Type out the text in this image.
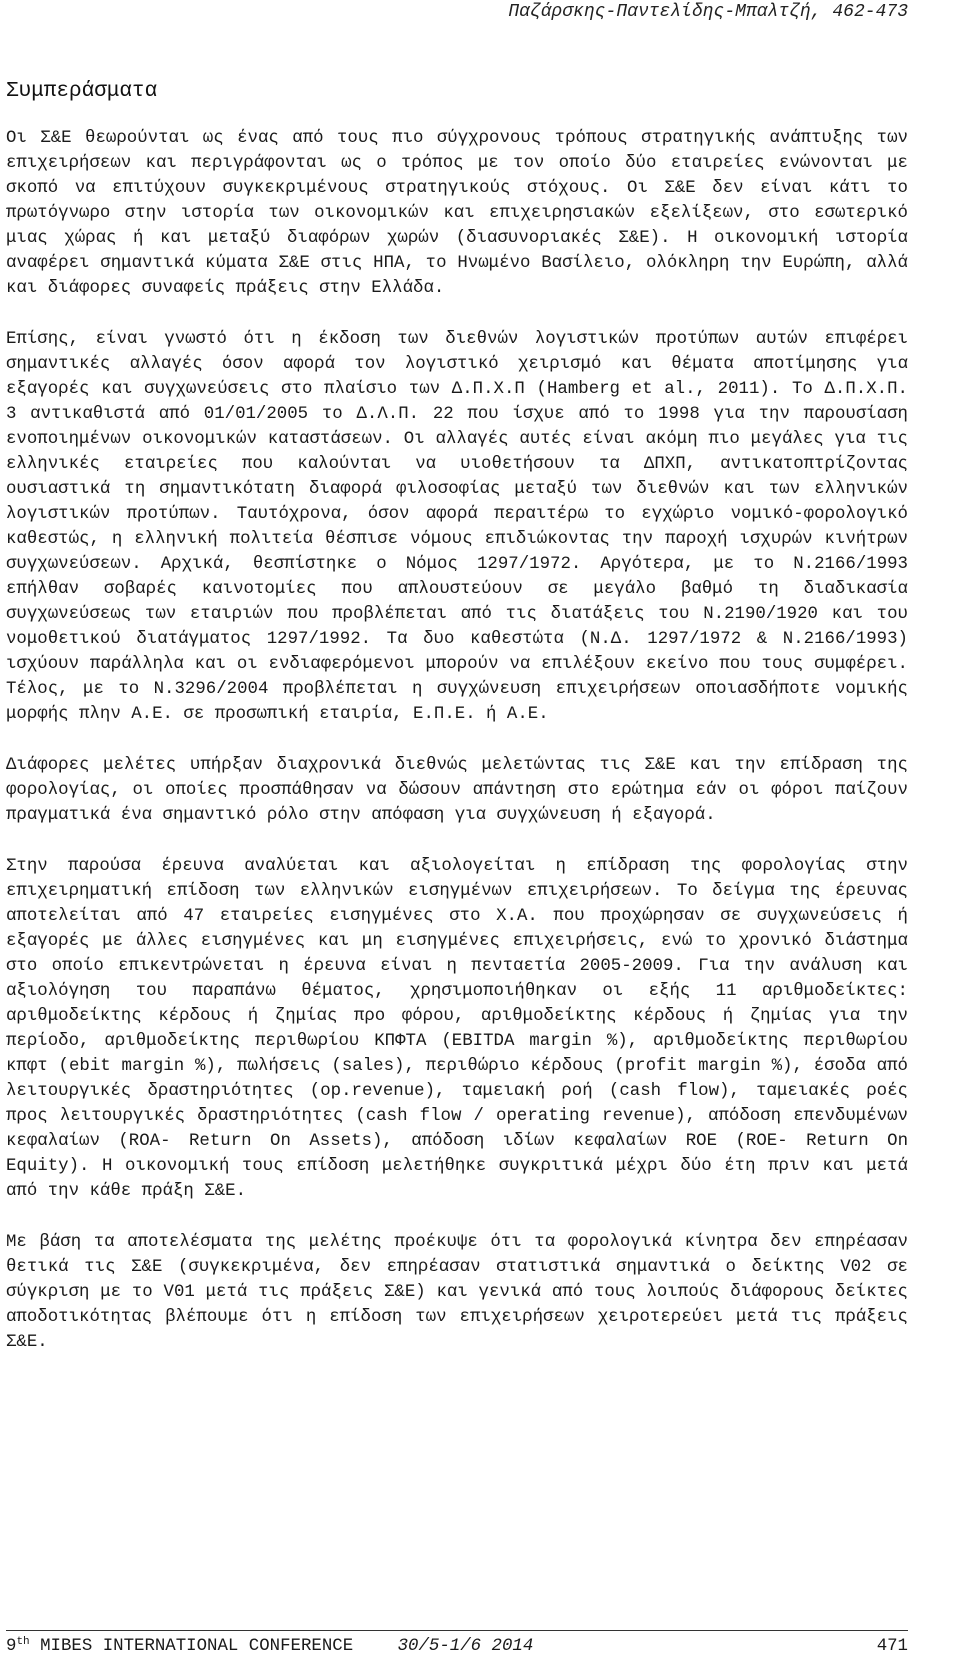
Παζάρσκης-Παντελίδης-Μπαλτζή, 462-473
Συμπεράσματα

Οι Σ&Ε θεωρούνται ως ένας από τους πιο σύγχρονους τρόπους στρατηγικής ανάπτυξης των επιχειρήσεων και περιγράφονται ως ο τρόπος με τον οποίο δύο εταιρείες ενώνονται με σκοπό να επιτύχουν συγκεκριμένους στρατηγικούς στόχους. Οι Σ&Ε δεν είναι κάτι το πρωτόγνωρο στην ιστορία των οικονομικών και επιχειρησιακών εξελίξεων, στο εσωτερικό μιας χώρας ή και μεταξύ διαφόρων χωρών (διασυνοριακές Σ&Ε). Η οικονομική ιστορία αναφέρει σημαντικά κύματα Σ&Ε στις ΗΠΑ, το Ηνωμένο Βασίλειο, ολόκληρη την Ευρώπη, αλλά και διάφορες συναφείς πράξεις στην Ελλάδα.

Επίσης, είναι γνωστό ότι η έκδοση των διεθνών λογιστικών προτύπων αυτών επιφέρει σημαντικές αλλαγές όσον αφορά τον λογιστικό χειρισμό και θέματα αποτίμησης για εξαγορές και συγχωνεύσεις στο πλαίσιο των Δ.Π.Χ.Π (Hamberg et al., 2011). Το Δ.Π.Χ.Π. 3 αντικαθιστά από 01/01/2005 το Δ.Λ.Π. 22 που ίσχυε από το 1998 για την παρουσίαση ενοποιημένων οικονομικών καταστάσεων. Οι αλλαγές αυτές είναι ακόμη πιο μεγάλες για τις ελληνικές εταιρείες που καλούνται να υιοθετήσουν τα ΔΠΧΠ, αντικατοπτρίζοντας ουσιαστικά τη σημαντικότατη διαφορά φιλοσοφίας μεταξύ των διεθνών και των ελληνικών λογιστικών προτύπων. Ταυτόχρονα, όσον αφορά περαιτέρω το εγχώριο νομικό-φορολογικό καθεστώς, η ελληνική πολιτεία θέσπισε νόμους επιδιώκοντας την παροχή ισχυρών κινήτρων συγχωνεύσεων. Αρχικά, θεσπίστηκε ο Νόμος 1297/1972. Αργότερα, με το Ν.2166/1993 επήλθαν σοβαρές καινοτομίες που απλουστεύουν σε μεγάλο βαθμό τη διαδικασία συγχωνεύσεως των εταιριών που προβλέπεται από τις διατάξεις του Ν.2190/1920 και του νομοθετικού διατάγματος 1297/1992. Τα δυο καθεστώτα (Ν.Δ. 1297/1972 & Ν.2166/1993) ισχύουν παράλληλα και οι ενδιαφερόμενοι μπορούν να επιλέξουν εκείνο που τους συμφέρει. Τέλος, με το Ν.3296/2004 προβλέπεται η συγχώνευση επιχειρήσεων οποιασδήποτε νομικής μορφής πλην Α.Ε. σε προσωπική εταιρία, Ε.Π.Ε. ή Α.Ε.

Διάφορες μελέτες υπήρξαν διαχρονικά διεθνώς μελετώντας τις Σ&Ε και την επίδραση της φορολογίας, οι οποίες προσπάθησαν να δώσουν απάντηση στο ερώτημα εάν οι φόροι παίζουν πραγματικά ένα σημαντικό ρόλο στην απόφαση για συγχώνευση ή εξαγορά.

Στην παρούσα έρευνα αναλύεται και αξιολογείται η επίδραση της φορολογίας στην επιχειρηματική επίδοση των ελληνικών εισηγμένων επιχειρήσεων. Το δείγμα της έρευνας αποτελείται από 47 εταιρείες εισηγμένες στο Χ.Α. που προχώρησαν σε συγχωνεύσεις ή εξαγορές με άλλες εισηγμένες και μη εισηγμένες επιχειρήσεις, ενώ το χρονικό διάστημα στο οποίο επικεντρώνεται η έρευνα είναι η πενταετία 2005-2009. Για την ανάλυση και αξιολόγηση του παραπάνω θέματος, χρησιμοποιήθηκαν οι εξής 11 αριθμοδείκτες: αριθμοδείκτης κέρδους ή ζημίας προ φόρου, αριθμοδείκτης κέρδους ή ζημίας για την περίοδο, αριθμοδείκτης περιθωρίου ΚΠΦΤΑ (EBITDA margin %), αριθμοδείκτης περιθωρίου κπφτ (ebit margin %), πωλήσεις (sales), περιθώριο κέρδους (profit margin %), έσοδα από λειτουργικές δραστηριότητες (op.revenue), ταμειακή ροή (cash flow), ταμειακές ροές προς λειτουργικές δραστηριότητες (cash flow / operating revenue), απόδοση επενδυμένων κεφαλαίων (ROA- Return On Assets), απόδοση ιδίων κεφαλαίων ROE (ROE- Return On Equity). Η οικονομική τους επίδοση μελετήθηκε συγκριτικά μέχρι δύο έτη πριν και μετά από την κάθε πράξη Σ&Ε.

Με βάση τα αποτελέσματα της μελέτης προέκυψε ότι τα φορολογικά κίνητρα δεν επηρέασαν θετικά τις Σ&Ε (συγκεκριμένα, δεν επηρέασαν στατιστικά σημαντικά ο δείκτης V02 σε σύγκριση με το V01 μετά τις πράξεις Σ&Ε) και γενικά από τους λοιπούς διάφορους δείκτες αποδοτικότητας βλέπουμε ότι η επίδοση των επιχειρήσεων χειροτερεύει μετά τις πράξεις Σ&Ε.

9th MIBES INTERNATIONAL CONFERENCE	30/5-1/6 2014	471
